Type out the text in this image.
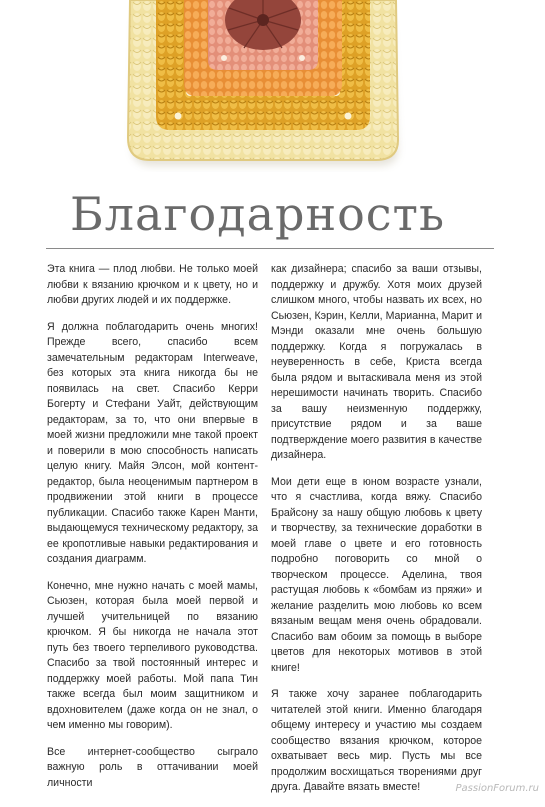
Благодарность

Эта книга — плод любви. Не только моей любви к вязанию крючком и к цвету, но и любви других людей и их поддержке.

Я должна поблагодарить очень многих! Прежде всего, спасибо всем замечательным редакторам Interweave, без которых эта книга никогда бы не появилась на свет. Спасибо Керри Богерту и Стефани Уайт, действующим редакторам, за то, что они впервые в моей жизни предложили мне такой проект и поверили в мою способность написать целую книгу. Майя Элсон, мой контент-редактор, была неоценимым партнером в продвижении этой книги в процессе публикации. Спасибо также Карен Манти, выдающемуся техническому редактору, за ее кропотливые навыки редактирования и создания диаграмм.

Конечно, мне нужно начать с моей мамы, Сьюзен, которая была моей первой и лучшей учительницей по вязанию крючком. Я бы никогда не начала этот путь без твоего терпеливого руководства. Спасибо за твой постоянный интерес и поддержку моей работы. Мой папа Тин также всегда был моим защитником и вдохновителем (даже когда он не знал, о чем именно мы говорим).

Все интернет-сообщество сыграло важную роль в оттачивании моей личности

как дизайнера; спасибо за ваши отзывы, поддержку и дружбу. Хотя моих друзей слишком много, чтобы назвать их всех, но Сьюзен, Кэрин, Келли, Марианна, Марит и Мэнди оказали мне очень большую поддержку. Когда я погружалась в неуверенность в себе, Криста всегда была рядом и вытаскивала меня из этой нерешимости начинать творить. Спасибо за вашу неизменную поддержку, присутствие рядом и за ваше подтверждение моего развития в качестве дизайнера.

Мои дети еще в юном возрасте узнали, что я счастлива, когда вяжу. Спасибо Брайсону за нашу общую любовь к цвету и творчеству, за технические доработки в моей главе о цвете и его готовность подробно поговорить со мной о творческом процессе. Аделина, твоя растущая любовь к «бомбам из пряжи» и желание разделить мою любовь ко всем вязаным вещам меня очень обрадовали. Спасибо вам обоим за помощь в выборе цветов для некоторых мотивов в этой книге!

Я также хочу заранее поблагодарить читателей этой книги. Именно благодаря общему интересу и участию мы создаем сообщество вязания крючком, которое охватывает весь мир. Пусть мы все продолжим восхищаться творениями друг друга. Давайте вязать вместе!	PassionForum.ru
